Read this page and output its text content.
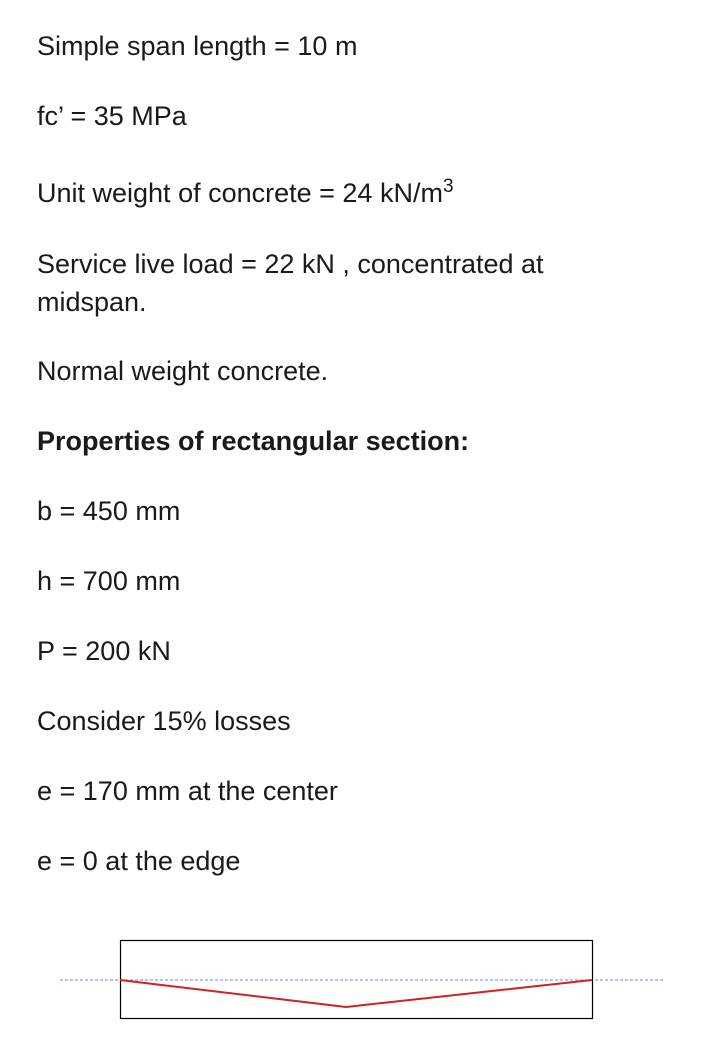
Simple span length = 10 m

fc’ = 35 MPa

Unit weight of concrete = 24 $kN/m^3$

Service live load = 22 kN , concentrated at midspan.

Normal weight concrete.

Properties of rectangular section:

b = 450 mm

h = 700 mm

P = 200 kN

Consider 15% losses

e = 170 mm at the center

e = 0 at the edge
